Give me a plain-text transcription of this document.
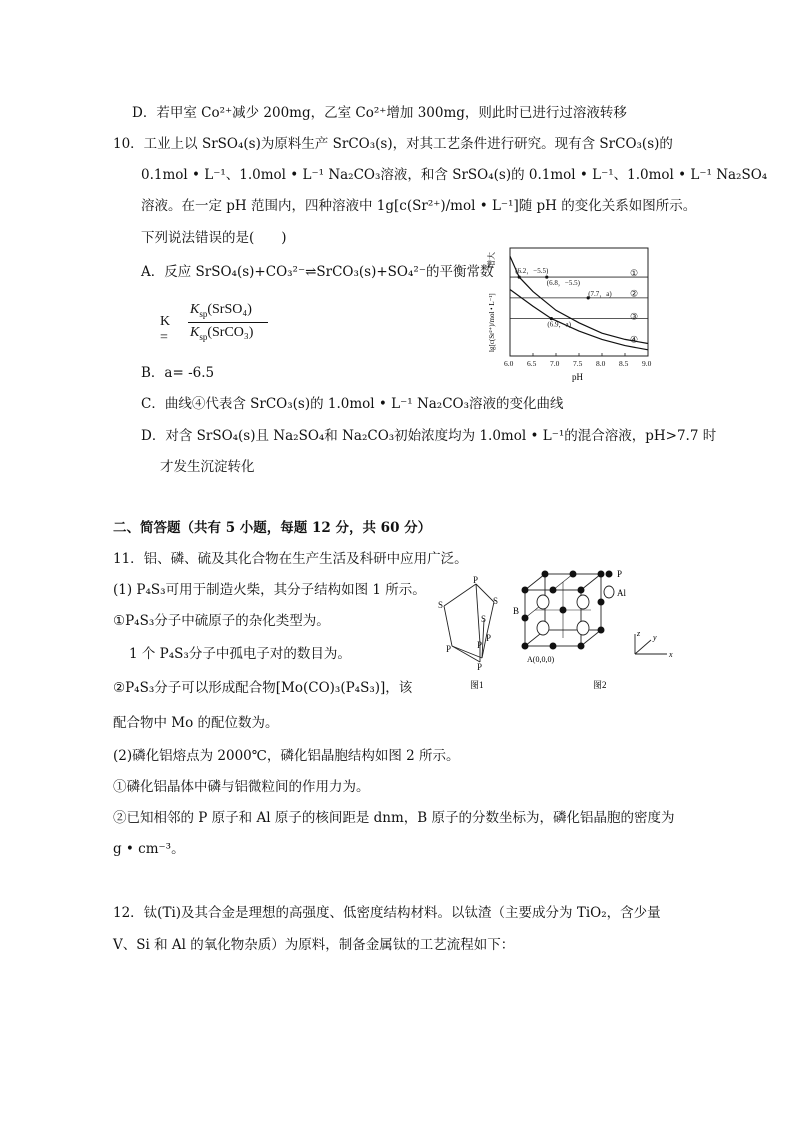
D．若甲室 Co²⁺减少 200mg，乙室 Co²⁺增加 300mg，则此时已进行过溶液转移
10．工业上以 SrSO₄(s)为原料生产 SrCO₃(s)，对其工艺条件进行研究。现有含 SrCO₃(s)的
0.1mol • L⁻¹、1.0mol • L⁻¹ Na₂CO₃溶液，和含 SrSO₄(s)的 0.1mol • L⁻¹、1.0mol • L⁻¹ Na₂SO₄
溶液。在一定 pH 范围内，四种溶液中 1g[c(Sr²⁺)/mol • L⁻¹]随 pH 的变化关系如图所示。
下列说法错误的是(　　)
A．反应 SrSO₄(s)+CO₃²⁻⇌SrCO₃(s)+SO₄²⁻的平衡常数
K =
$K_{sp}(SrSO_4)$
$K_{sp}(SrCO_3)$
B．a= -6.5
C．曲线④代表含 SrCO₃(s)的 1.0mol • L⁻¹ Na₂CO₃溶液的变化曲线
D．对含 SrSO₄(s)且 Na₂SO₄和 Na₂CO₃初始浓度均为 1.0mol • L⁻¹的混合溶液，pH>7.7 时
才发生沉淀转化
6.0 6.5 7.0 7.5 8.0 8.5 9.0
①
②
③
④
(6.2，−5.5)
(6.8，−5.5)
(7.7，a)
(6.9，a)
增大
lg[c(Sr²⁺)/mol • L⁻¹]
pH
二、简答题（共有 5 小题，每题 12 分，共 60 分）
11．铝、磷、硫及其化合物在生产生活及科研中应用广泛。
(1) P₄S₃可用于制造火柴，其分子结构如图 1 所示。
①P₄S₃分子中硫原子的杂化类型为。
1 个 P₄S₃分子中孤电子对的数目为。
②P₄S₃分子可以形成配合物[Mo(CO)₃(P₄S₃)]，该
配合物中 Mo 的配位数为。
(2)磷化铝熔点为 2000℃，磷化铝晶胞结构如图 2 所示。
①磷化铝晶体中磷与铝微粒间的作用力为。
②已知相邻的 P 原子和 Al 原子的核间距是 dnm，B 原子的分数坐标为，磷化铝晶胞的密度为
g • cm⁻³。
P
S	S
S
P	P
P
P
图1
B
A(0,0,0)
P
Al
z y
x
图2
12．钛(Ti)及其合金是理想的高强度、低密度结构材料。以钛渣（主要成分为 TiO₂，含少量
V、Si 和 Al 的氧化物杂质）为原料，制备金属钛的工艺流程如下：
